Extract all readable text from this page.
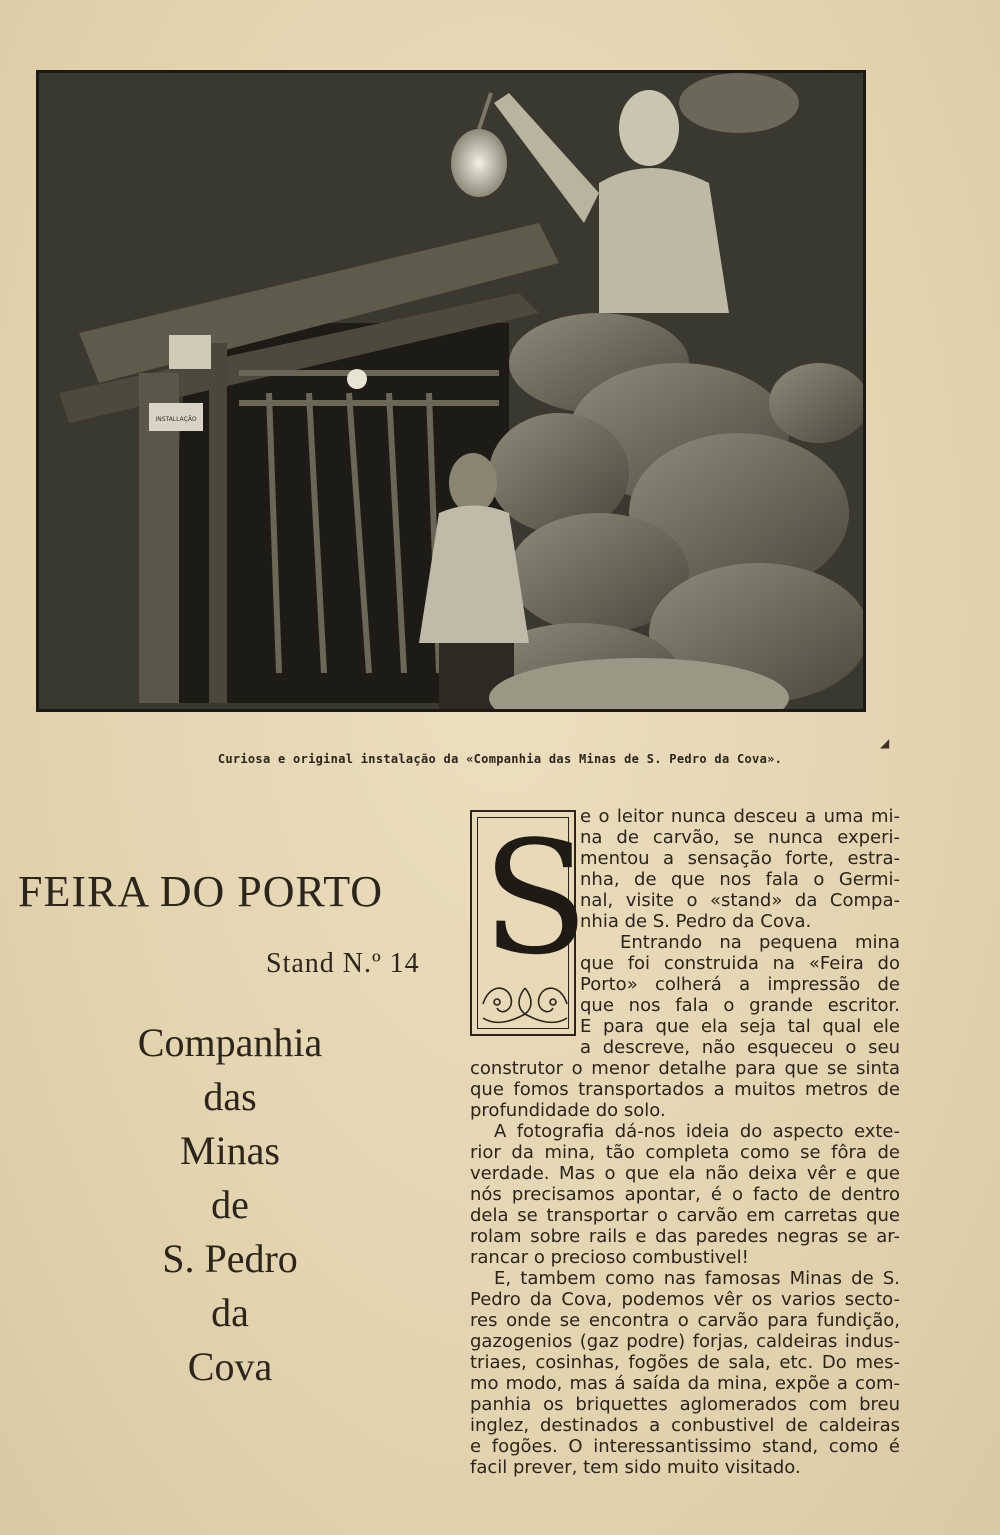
INSTALLAÇÃO
Curiosa e original instalação da «Companhia das Minas de S. Pedro da Cova».
◢
FEIRA DO PORTO
Stand N.º 14
Companhia
das
Minas
de
S. Pedro
da
Cova
S
e o leitor nunca desceu a uma mi-
na de carvão, se nunca experi-
mentou a sensação forte, estra-
nha, de que nos fala o Germi-
nal, visite o «stand» da Compa-
nhia de S. Pedro da Cova.
Entrando na pequena mina
que foi construida na «Feira do
Porto» colherá a impressão de
que nos fala o grande escritor.
E para que ela seja tal qual ele
a descreve, não esqueceu o seu
construtor o menor detalhe para que se sinta
que fomos transportados a muitos metros de
profundidade do solo.
A fotografia dá-nos ideia do aspecto exte-
rior da mina, tão completa como se fôra de
verdade. Mas o que ela não deixa vêr e que
nós precisamos apontar, é o facto de dentro
dela se transportar o carvão em carretas que
rolam sobre rails e das paredes negras se ar-
rancar o precioso combustivel!
E, tambem como nas famosas Minas de S.
Pedro da Cova, podemos vêr os varios secto-
res onde se encontra o carvão para fundição,
gazogenios (gaz podre) forjas, caldeiras indus-
triaes, cosinhas, fogões de sala, etc. Do mes-
mo modo, mas á saída da mina, expõe a com-
panhia os briquettes aglomerados com breu
inglez, destinados a conbustivel de caldeiras
e fogões. O interessantissimo stand, como é
facil prever, tem sido muito visitado.
